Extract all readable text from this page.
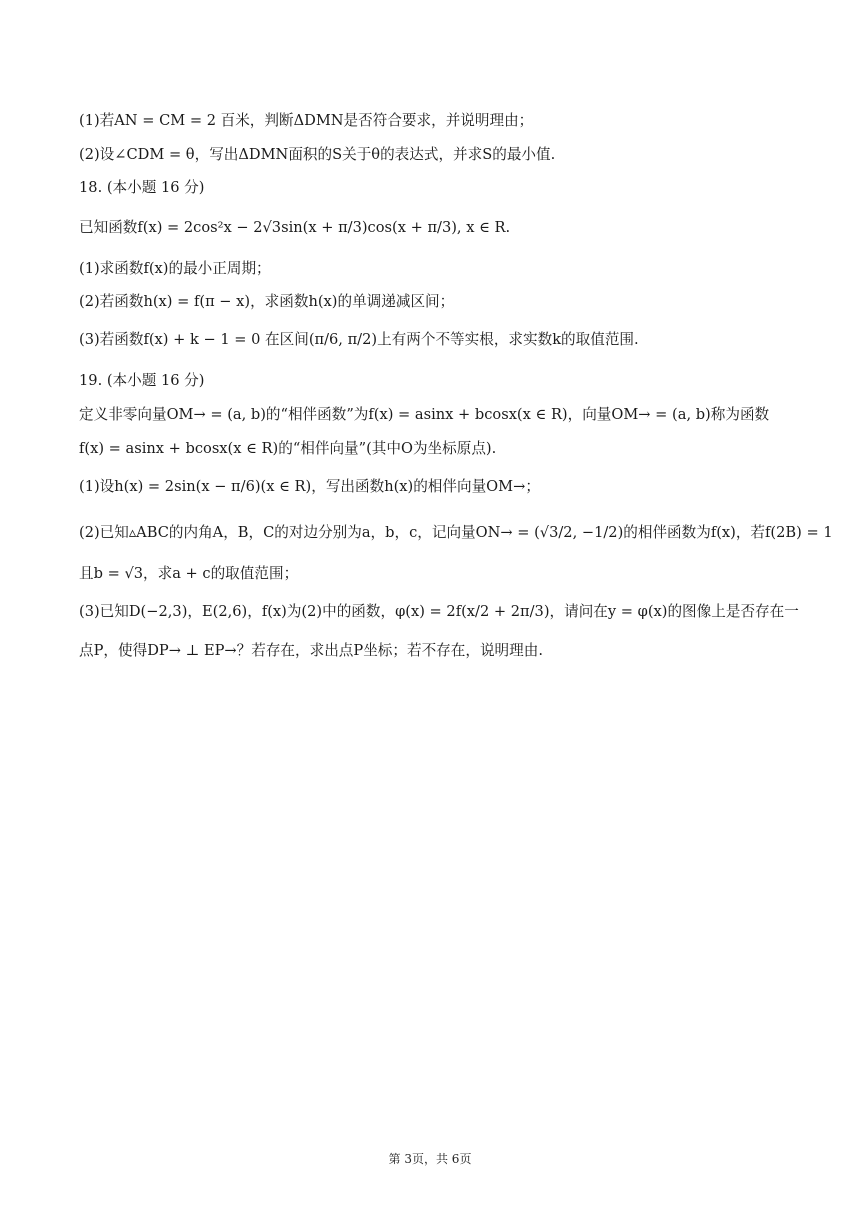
(1)若AN = CM = 2 百米，判断ΔDMN是否符合要求，并说明理由；
(2)设∠CDM = θ，写出ΔDMN面积的S关于θ的表达式，并求S的最小值.
18. (本小题 16 分)
已知函数f(x) = 2cos²x − 2√3sin(x + π/3)cos(x + π/3), x ∈ R.
(1)求函数f(x)的最小正周期；
(2)若函数h(x) = f(π − x)，求函数h(x)的单调递减区间；
(3)若函数f(x) + k − 1 = 0 在区间(π/6, π/2)上有两个不等实根，求实数k的取值范围.
19. (本小题 16 分)
定义非零向量OM→ = (a, b)的“相伴函数”为f(x) = asinx + bcosx(x ∈ R)，向量OM→ = (a, b)称为函数
f(x) = asinx + bcosx(x ∈ R)的“相伴向量”(其中O为坐标原点).
(1)设h(x) = 2sin(x − π/6)(x ∈ R)，写出函数h(x)的相伴向量OM→；
(2)已知▵ABC的内角A，B，C的对边分别为a，b，c，记向量ON→ = (√3/2, −1/2)的相伴函数为f(x)，若f(2B) = 1
且b = √3，求a + c的取值范围；
(3)已知D(−2,3)，E(2,6)，f(x)为(2)中的函数，φ(x) = 2f(x/2 + 2π/3)，请问在y = φ(x)的图像上是否存在一
点P，使得DP→ ⊥ EP→？若存在，求出点P坐标；若不存在，说明理由.
第 3页，共 6页
